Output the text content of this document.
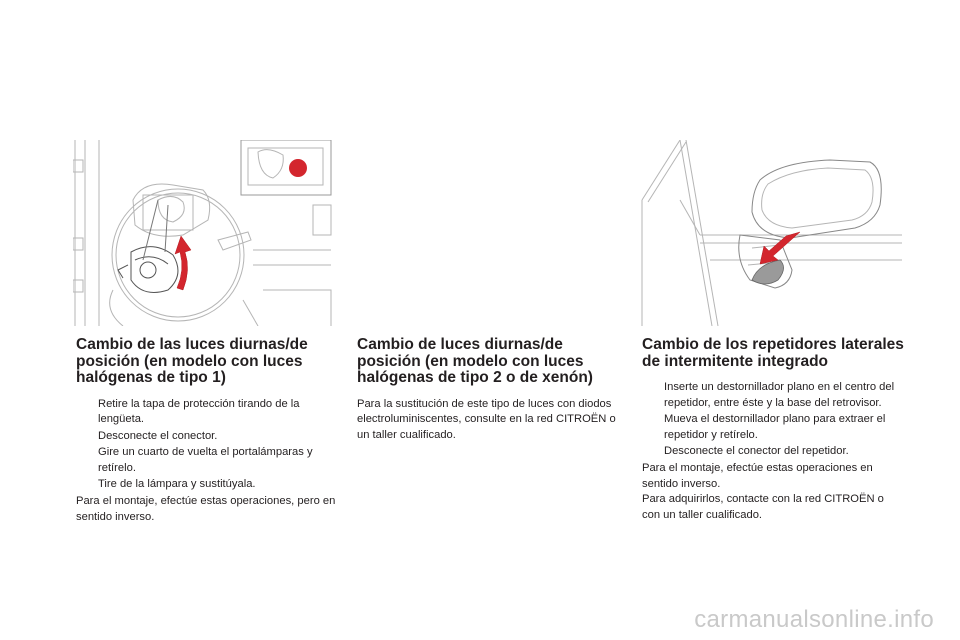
Cambio de las luces diurnas/de posición (en modelo con luces halógenas de tipo 1)
Retire la tapa de protección tirando de la lengüeta.
Desconecte el conector.
Gire un cuarto de vuelta el portalámparas y retírelo.
Tire de la lámpara y sustitúyala.

Para el montaje, efectúe estas operaciones, pero en sentido inverso.

Cambio de luces diurnas/de posición (en modelo con luces halógenas de tipo 2 o de xenón)

Para la sustitución de este tipo de luces con diodos electroluminiscentes, consulte en la red CITROËN o un taller cualificado.

Cambio de los repetidores laterales de intermitente integrado
Inserte un destornillador plano en el centro del repetidor, entre éste y la base del retrovisor.
Mueva el destornillador plano para extraer el repetidor y retírelo.
Desconecte el conector del repetidor.

Para el montaje, efectúe estas operaciones en sentido inverso.

Para adquirirlos, contacte con la red CITROËN o con un taller cualificado.

carmanualsonline.info
